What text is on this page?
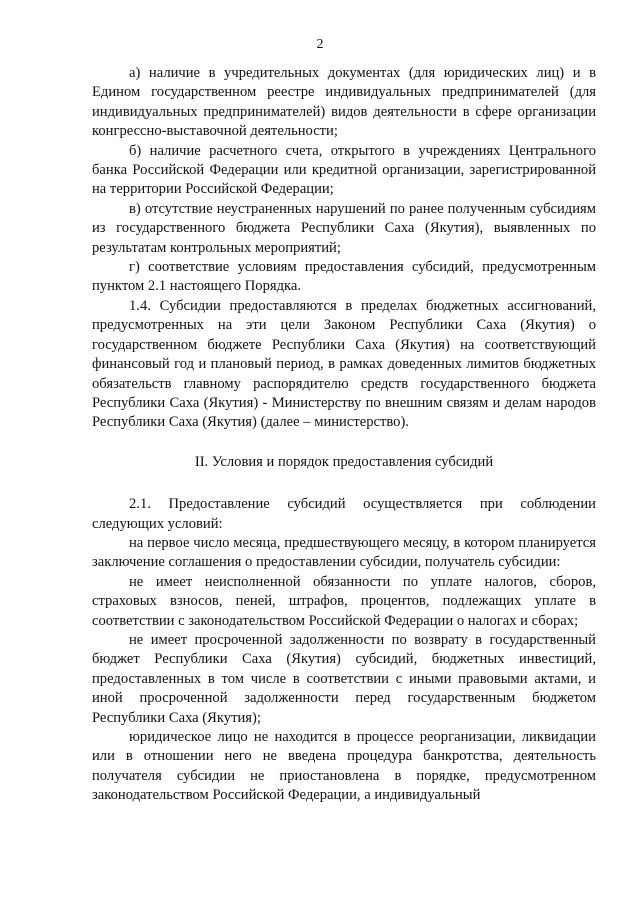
2

а) наличие в учредительных документах (для юридических лиц) и в Едином государственном реестре индивидуальных предпринимателей (для индивидуальных предпринимателей) видов деятельности в сфере организации конгрессно-выставочной деятельности;

б) наличие расчетного счета, открытого в учреждениях Центрального банка Российской Федерации или кредитной организации, зарегистрированной на территории Российской Федерации;

в) отсутствие неустраненных нарушений по ранее полученным субсидиям из государственного бюджета Республики Саха (Якутия), выявленных по результатам контрольных мероприятий;

г) соответствие условиям предоставления субсидий, предусмотренным пунктом 2.1 настоящего Порядка.

1.4. Субсидии предоставляются в пределах бюджетных ассигнований, предусмотренных на эти цели Законом Республики Саха (Якутия) о государственном бюджете Республики Саха (Якутия) на соответствующий финансовый год и плановый период, в рамках доведенных лимитов бюджетных обязательств главному распорядителю средств государственного бюджета Республики Саха (Якутия) - Министерству по внешним связям и делам народов Республики Саха (Якутия) (далее – министерство).

II. Условия и порядок предоставления субсидий

2.1. Предоставление субсидий осуществляется при соблюдении следующих условий:

на первое число месяца, предшествующего месяцу, в котором планируется заключение соглашения о предоставлении субсидии, получатель субсидии:

не имеет неисполненной обязанности по уплате налогов, сборов, страховых взносов, пеней, штрафов, процентов, подлежащих уплате в соответствии с законодательством Российской Федерации о налогах и сборах;

не имеет просроченной задолженности по возврату в государственный бюджет Республики Саха (Якутия) субсидий, бюджетных инвестиций, предоставленных в том числе в соответствии с иными правовыми актами, и иной просроченной задолженности перед государственным бюджетом Республики Саха (Якутия);

юридическое лицо не находится в процессе реорганизации, ликвидации или в отношении него не введена процедура банкротства, деятельность получателя субсидии не приостановлена в порядке, предусмотренном законодательством Российской Федерации, а индивидуальный
